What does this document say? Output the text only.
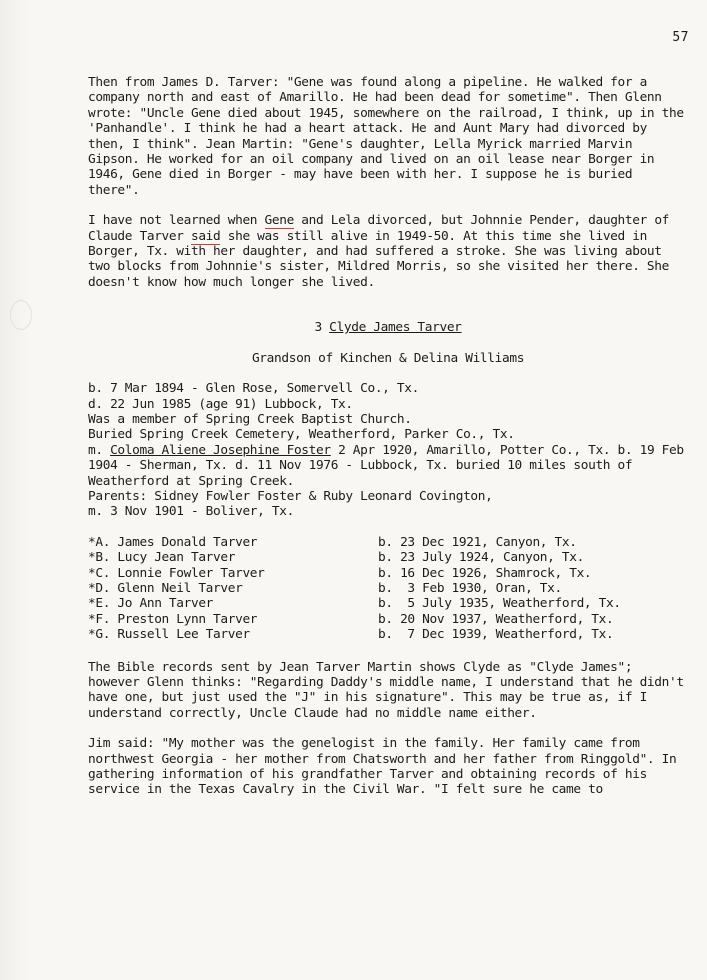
57

Then from James D. Tarver: "Gene was found along a pipeline. He walked for a company north and east of Amarillo. He had been dead for sometime". Then Glenn wrote: "Uncle Gene died about 1945, somewhere on the railroad, I think, up in the 'Panhandle'. I think he had a heart attack. He and Aunt Mary had divorced by then, I think". Jean Martin: "Gene's daughter, Lella Myrick married Marvin Gipson. He worked for an oil company and lived on an oil lease near Borger in 1946, Gene died in Borger - may have been with her. I suppose he is buried there".

I have not learned when Gene and Lela divorced, but Johnnie Pender, daughter of Claude Tarver said she was still alive in 1949-50. At this time she lived in Borger, Tx. with her daughter, and had suffered a stroke. She was living about two blocks from Johnnie's sister, Mildred Morris, so she visited her there. She doesn't know how much longer she lived.

3 Clyde James Tarver

Grandson of Kinchen & Delina Williams

b. 7 Mar 1894 - Glen Rose, Somervell Co., Tx.

d. 22 Jun 1985 (age 91) Lubbock, Tx.

Was a member of Spring Creek Baptist Church.

Buried Spring Creek Cemetery, Weatherford, Parker Co., Tx.

m. Coloma Aliene Josephine Foster 2 Apr 1920, Amarillo, Potter Co., Tx. b. 19 Feb 1904 - Sherman, Tx. d. 11 Nov 1976 - Lubbock, Tx. buried 10 miles south of Weatherford at Spring Creek.

Parents: Sidney Fowler Foster & Ruby Leonard Covington,

m. 3 Nov 1901 - Boliver, Tx.

*A. James Donald Tarver	b. 23 Dec 1921, Canyon, Tx.
*B. Lucy Jean Tarver	b. 23 July 1924, Canyon, Tx.
*C. Lonnie Fowler Tarver	b. 16 Dec 1926, Shamrock, Tx.
*D. Glenn Neil Tarver	b.  3 Feb 1930, Oran, Tx.
*E. Jo Ann Tarver	b.  5 July 1935, Weatherford, Tx.
*F. Preston Lynn Tarver	b. 20 Nov 1937, Weatherford, Tx.
*G. Russell Lee Tarver	b.  7 Dec 1939, Weatherford, Tx.

The Bible records sent by Jean Tarver Martin shows Clyde as "Clyde James"; however Glenn thinks: "Regarding Daddy's middle name, I understand that he didn't have one, but just used the "J" in his signature". This may be true as, if I understand correctly, Uncle Claude had no middle name either.

Jim said: "My mother was the genelogist in the family. Her family came from northwest Georgia - her mother from Chatsworth and her father from Ringgold". In gathering information of his grandfather Tarver and obtaining records of his service in the Texas Cavalry in the Civil War. "I felt sure he came to
